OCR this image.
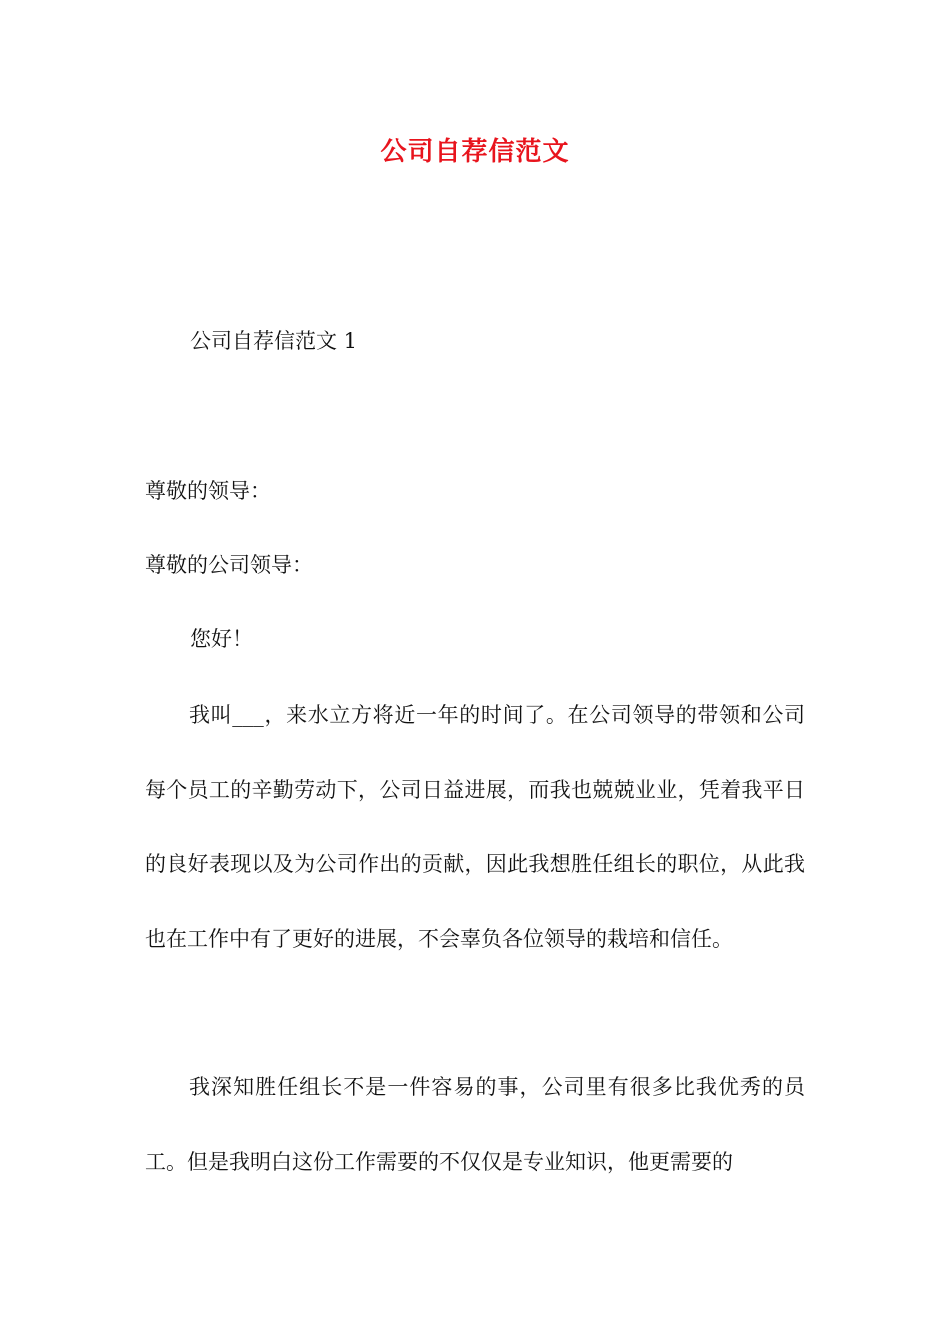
公司自荐信范文
公司自荐信范文 1
尊敬的领导：
尊敬的公司领导：
您好！
我叫___，来水立方将近一年的时间了。在公司领导的带领和公司每个员工的辛勤劳动下，公司日益进展，而我也兢兢业业，凭着我平日的良好表现以及为公司作出的贡献，因此我想胜任组长的职位，从此我也在工作中有了更好的进展，不会辜负各位领导的栽培和信任。
我深知胜任组长不是一件容易的事，公司里有很多比我优秀的员工。但是我明白这份工作需要的不仅仅是专业知识，他更需要的
